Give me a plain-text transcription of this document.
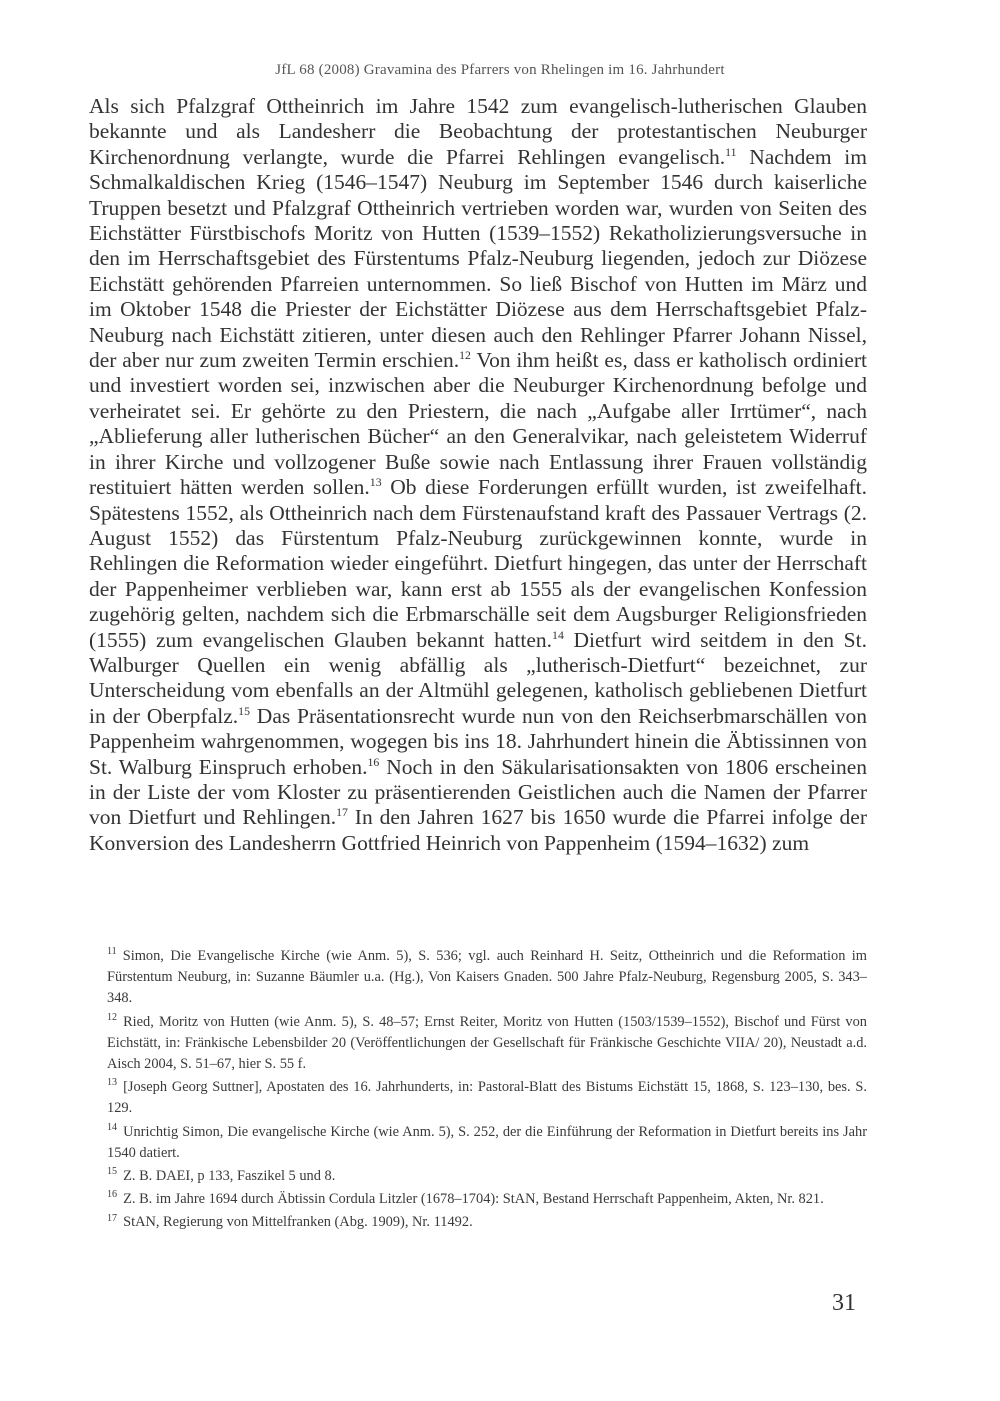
JfL 68 (2008) Gravamina des Pfarrers von Rhelingen im 16. Jahrhundert

Als sich Pfalzgraf Ottheinrich im Jahre 1542 zum evangelisch-lutherischen Glauben bekannte und als Landesherr die Beobachtung der protestantischen Neuburger Kirchenordnung verlangte, wurde die Pfarrei Rehlingen evangelisch.$^{11}$ Nachdem im Schmalkaldischen Krieg (1546–1547) Neuburg im September 1546 durch kaiserliche Truppen besetzt und Pfalzgraf Ottheinrich vertrieben worden war, wurden von Seiten des Eichstätter Fürstbischofs Moritz von Hutten (1539–1552) Rekatholizierungsversuche in den im Herrschaftsgebiet des Fürstentums Pfalz-Neuburg liegenden, jedoch zur Diözese Eichstätt gehörenden Pfarreien unternommen. So ließ Bischof von Hutten im März und im Oktober 1548 die Priester der Eichstätter Diözese aus dem Herrschaftsgebiet Pfalz-Neuburg nach Eichstätt zitieren, unter diesen auch den Rehlinger Pfarrer Johann Nissel, der aber nur zum zweiten Termin erschien.$^{12}$ Von ihm heißt es, dass er katholisch ordiniert und investiert worden sei, inzwischen aber die Neuburger Kirchenordnung befolge und verheiratet sei. Er gehörte zu den Priestern, die nach „Aufgabe aller Irrtümer“, nach „Ablieferung aller lutherischen Bücher“ an den Generalvikar, nach geleistetem Widerruf in ihrer Kirche und vollzogener Buße sowie nach Entlassung ihrer Frauen vollständig restituiert hätten werden sollen.$^{13}$ Ob diese Forderungen erfüllt wurden, ist zweifelhaft. Spätestens 1552, als Ottheinrich nach dem Fürstenaufstand kraft des Passauer Vertrags (2. August 1552) das Fürstentum Pfalz-Neuburg zurückgewinnen konnte, wurde in Rehlingen die Reformation wieder eingeführt. Dietfurt hingegen, das unter der Herrschaft der Pappenheimer verblieben war, kann erst ab 1555 als der evangelischen Konfession zugehörig gelten, nachdem sich die Erbmarschälle seit dem Augsburger Religionsfrieden (1555) zum evangelischen Glauben bekannt hatten.$^{14}$ Dietfurt wird seitdem in den St. Walburger Quellen ein wenig abfällig als „lutherisch-Dietfurt“ bezeichnet, zur Unterscheidung vom ebenfalls an der Altmühl gelegenen, katholisch gebliebenen Dietfurt in der Oberpfalz.$^{15}$ Das Präsentationsrecht wurde nun von den Reichserbmarschällen von Pappenheim wahrgenommen, wogegen bis ins 18. Jahrhundert hinein die Äbtissinnen von St. Walburg Einspruch erhoben.$^{16}$ Noch in den Säkularisationsakten von 1806 erscheinen in der Liste der vom Kloster zu präsentierenden Geistlichen auch die Namen der Pfarrer von Dietfurt und Rehlingen.$^{17}$ In den Jahren 1627 bis 1650 wurde die Pfarrei infolge der Konversion des Landesherrn Gottfried Heinrich von Pappenheim (1594–1632) zum

$^{11}$ Simon, Die Evangelische Kirche (wie Anm. 5), S. 536; vgl. auch Reinhard H. Seitz, Ottheinrich und die Reformation im Fürstentum Neuburg, in: Suzanne Bäumler u.a. (Hg.), Von Kaisers Gnaden. 500 Jahre Pfalz-Neuburg, Regensburg 2005, S. 343–348.

$^{12}$ Ried, Moritz von Hutten (wie Anm. 5), S. 48–57; Ernst Reiter, Moritz von Hutten (1503/1539–1552), Bischof und Fürst von Eichstätt, in: Fränkische Lebensbilder 20 (Veröffentlichungen der Gesellschaft für Fränkische Geschichte VIIA/ 20), Neustadt a.d. Aisch 2004, S. 51–67, hier S. 55 f.

$^{13}$ [Joseph Georg Suttner], Apostaten des 16. Jahrhunderts, in: Pastoral-Blatt des Bistums Eichstätt 15, 1868, S. 123–130, bes. S. 129.

$^{14}$ Unrichtig Simon, Die evangelische Kirche (wie Anm. 5), S. 252, der die Einführung der Reformation in Dietfurt bereits ins Jahr 1540 datiert.

$^{15}$ Z. B. DAEI, p 133, Faszikel 5 und 8.

$^{16}$ Z. B. im Jahre 1694 durch Äbtissin Cordula Litzler (1678–1704): StAN, Bestand Herrschaft Pappenheim, Akten, Nr. 821.

$^{17}$ StAN, Regierung von Mittelfranken (Abg. 1909), Nr. 11492.

31
